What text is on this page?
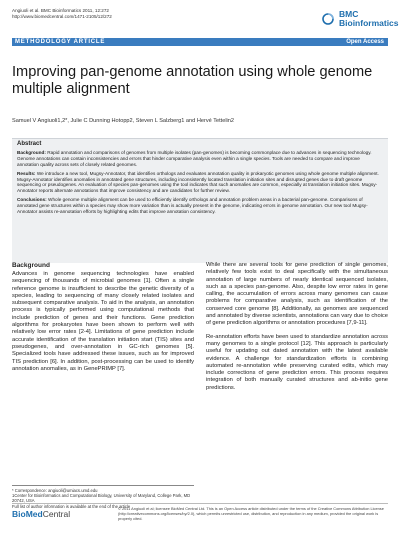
Angiuoli et al. BMC Bioinformatics 2011, 12:272
http://www.biomedcentral.com/1471-2105/12/272	BMC
Bioinformatics
METHODOLOGY ARTICLE	Open Access
Improving pan-genome annotation using whole genome multiple alignment
Samuel V Angiuoli1,2*, Julie C Dunning Hotopp2, Steven L Salzberg1 and Hervé Tettelin2
Abstract

Background: Rapid annotation and comparisons of genomes from multiple isolates (pan-genomes) is becoming commonplace due to advances in sequencing technology. Genome annotations can contain inconsistencies and errors that hinder comparative analysis even within a single species. Tools are needed to compare and improve annotation quality across sets of closely related genomes.

Results: We introduce a new tool, Mugsy-Annotator, that identifies orthologs and evaluates annotation quality in prokaryotic genomes using whole genome multiple alignment. Mugsy-Annotator identifies anomalies in annotated gene structures, including inconsistently located translation initiation sites and disrupted genes due to draft genome sequencing or pseudogenes. An evaluation of species pan-genomes using the tool indicates that such anomalies are common, especially at translation initiation sites. Mugsy-Annotator reports alternate annotations that improve consistency and are candidates for further review.

Conclusions: Whole genome multiple alignment can be used to efficiently identify orthologs and annotation problem areas in a bacterial pan-genome. Comparisons of annotated gene structures within a species may show more variation than is actually present in the genome, indicating errors in genome annotation. Our new tool Mugsy-Annotator assists re-annotation efforts by highlighting edits that improve annotation consistency.

Background

Advances in genome sequencing technologies have enabled sequencing of thousands of microbial genomes [1]. Often a single reference genome is insufficient to describe the genetic diversity of a species, leading to sequencing of many closely related isolates and subsequent comparative analysis. To aid in the analysis, an annotation process is typically performed using computational methods that include prediction of genes and their functions. Gene prediction algorithms for prokaryotes have been shown to perform well with relatively low error rates [2-4]. Limitations of gene prediction include accurate identification of the translation initiation start (TIS) sites and pseudogenes, and over-annotation in GC-rich genomes [5]. Specialized tools have addressed these issues, such as for improved TIS prediction [6]. In addition, post-processing can be used to identify annotation anomalies, as in GenePRIMP [7].

While there are several tools for gene prediction of single genomes, relatively few tools exist to deal specifically with the simultaneous annotation of large numbers of nearly identical sequenced isolates, such as a species pan-genome. Also, despite low error rates in gene calling, the accumulation of errors across many genomes can cause problems for comparative analysis, such as identification of the conserved core genome [8]. Additionally, as genomes are sequenced and annotated by diverse scientists, annotations can vary due to choice of gene prediction algorithms or annotation procedures [7,9-11].

Re-annotation efforts have been used to standardize annotation across many genomes to a single protocol [12]. This approach is particularly useful for updating out dated annotation with the latest available evidence. A challenge for standardization efforts is combining automated re-annotation while preserving curated edits, which may include corrections of gene prediction errors. This process requires integration of both manually curated structures and ab-initio gene predictions.

* Correspondence: angiuoli@umiacs.umd.edu
1Center for Bioinformatics and Computational Biology, University of Maryland, College Park, MD 20742, USA
Full list of author information is available at the end of the article
BioMedCentral
© 2011 Angiuoli et al; licensee BioMed Central Ltd. This is an Open Access article distributed under the terms of the Creative Commons Attribution License (http://creativecommons.org/licenses/by/2.0), which permits unrestricted use, distribution, and reproduction in any medium, provided the original work is properly cited.
